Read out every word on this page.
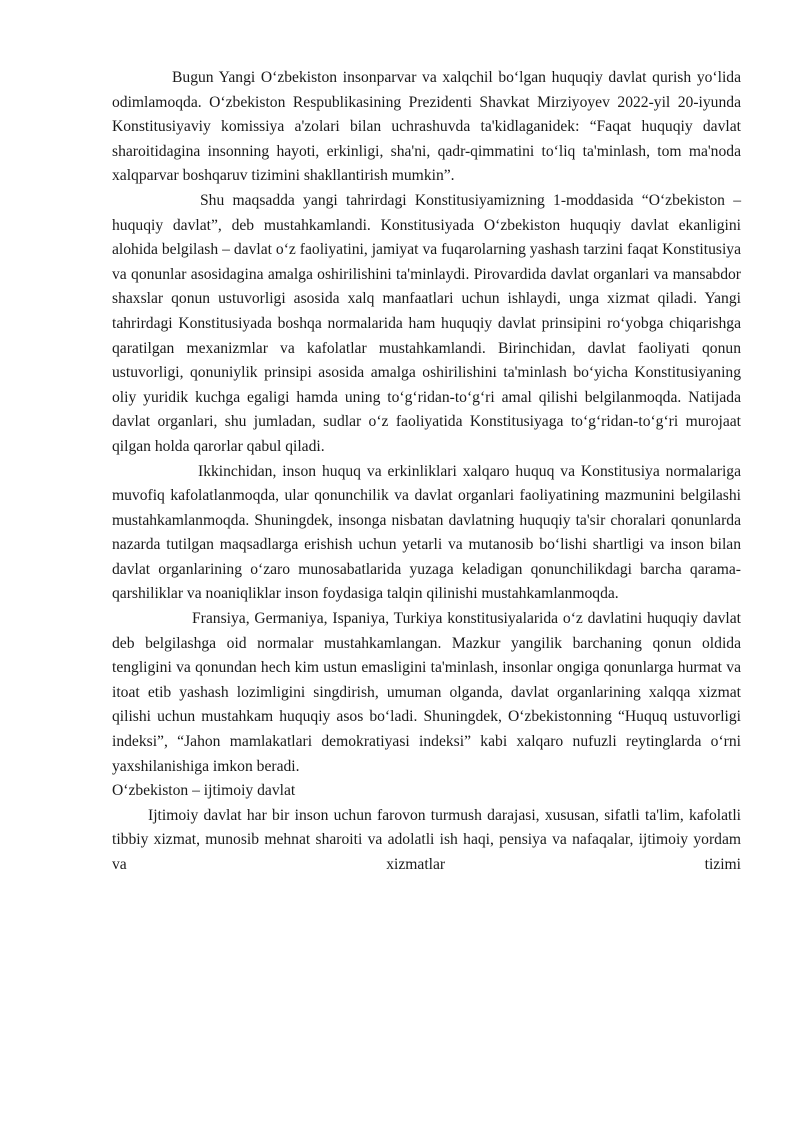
Bugun Yangi O‘zbekiston insonparvar va xalqchil bo‘lgan huquqiy davlat qurish yo‘lida odimlamoqda. O‘zbekiston Respublikasining Prezidenti Shavkat Mirziyoyev 2022-yil 20-iyunda Konstitusiyaviy komissiya a'zolari bilan uchrashuvda ta'kidlaganidek: “Faqat huquqiy davlat sharoitidagina insonning hayoti, erkinligi, sha'ni, qadr-qimmatini to‘liq ta'minlash, tom ma'noda xalqparvar boshqaruv tizimini shakllantirish mumkin”.

Shu maqsadda yangi tahrirdagi Konstitusiyamizning 1-moddasida “O‘zbekiston – huquqiy davlat”, deb mustahkamlandi. Konstitusiyada O‘zbekiston huquqiy davlat ekanligini alohida belgilash – davlat o‘z faoliyatini, jamiyat va fuqarolarning yashash tarzini faqat Konstitusiya va qonunlar asosidagina amalga oshirilishini ta'minlaydi. Pirovardida davlat organlari va mansabdor shaxslar qonun ustuvorligi asosida xalq manfaatlari uchun ishlaydi, unga xizmat qiladi. Yangi tahrirdagi Konstitusiyada boshqa normalarida ham huquqiy davlat prinsipini ro‘yobga chiqarishga qaratilgan mexanizmlar va kafolatlar mustahkamlandi. Birinchidan, davlat faoliyati qonun ustuvorligi, qonuniylik prinsipi asosida amalga oshirilishini ta'minlash bo‘yicha Konstitusiyaning oliy yuridik kuchga egaligi hamda uning to‘g‘ridan-to‘g‘ri amal qilishi belgilanmoqda. Natijada davlat organlari, shu jumladan, sudlar o‘z faoliyatida Konstitusiyaga to‘g‘ridan-to‘g‘ri murojaat qilgan holda qarorlar qabul qiladi.

Ikkinchidan, inson huquq va erkinliklari xalqaro huquq va Konstitusiya normalariga muvofiq kafolatlanmoqda, ular qonunchilik va davlat organlari faoliyatining mazmunini belgilashi mustahkamlanmoqda. Shuningdek, insonga nisbatan davlatning huquqiy ta'sir choralari qonunlarda nazarda tutilgan maqsadlarga erishish uchun yetarli va mutanosib bo‘lishi shartligi va inson bilan davlat organlarining o‘zaro munosabatlarida yuzaga keladigan qonunchilikdagi barcha qarama-qarshiliklar va noaniqliklar inson foydasiga talqin qilinishi mustahkamlanmoqda.

Fransiya, Germaniya, Ispaniya, Turkiya konstitusiyalarida o‘z davlatini huquqiy davlat deb belgilashga oid normalar mustahkamlangan. Mazkur yangilik barchaning qonun oldida tengligini va qonundan hech kim ustun emasligini ta'minlash, insonlar ongiga qonunlarga hurmat va itoat etib yashash lozimligini singdirish, umuman olganda, davlat organlarining xalqqa xizmat qilishi uchun mustahkam huquqiy asos bo‘ladi. Shuningdek, O‘zbekistonning “Huquq ustuvorligi indeksi”, “Jahon mamlakatlari demokratiyasi indeksi” kabi xalqaro nufuzli reytinglarda o‘rni yaxshilanishiga imkon beradi.

O‘zbekiston – ijtimoiy davlat

Ijtimoiy davlat har bir inson uchun farovon turmush darajasi, xususan, sifatli ta'lim, kafolatli tibbiy xizmat, munosib mehnat sharoiti va adolatli ish haqi, pensiya va nafaqalar, ijtimoiy yordam va xizmatlar tizimi
